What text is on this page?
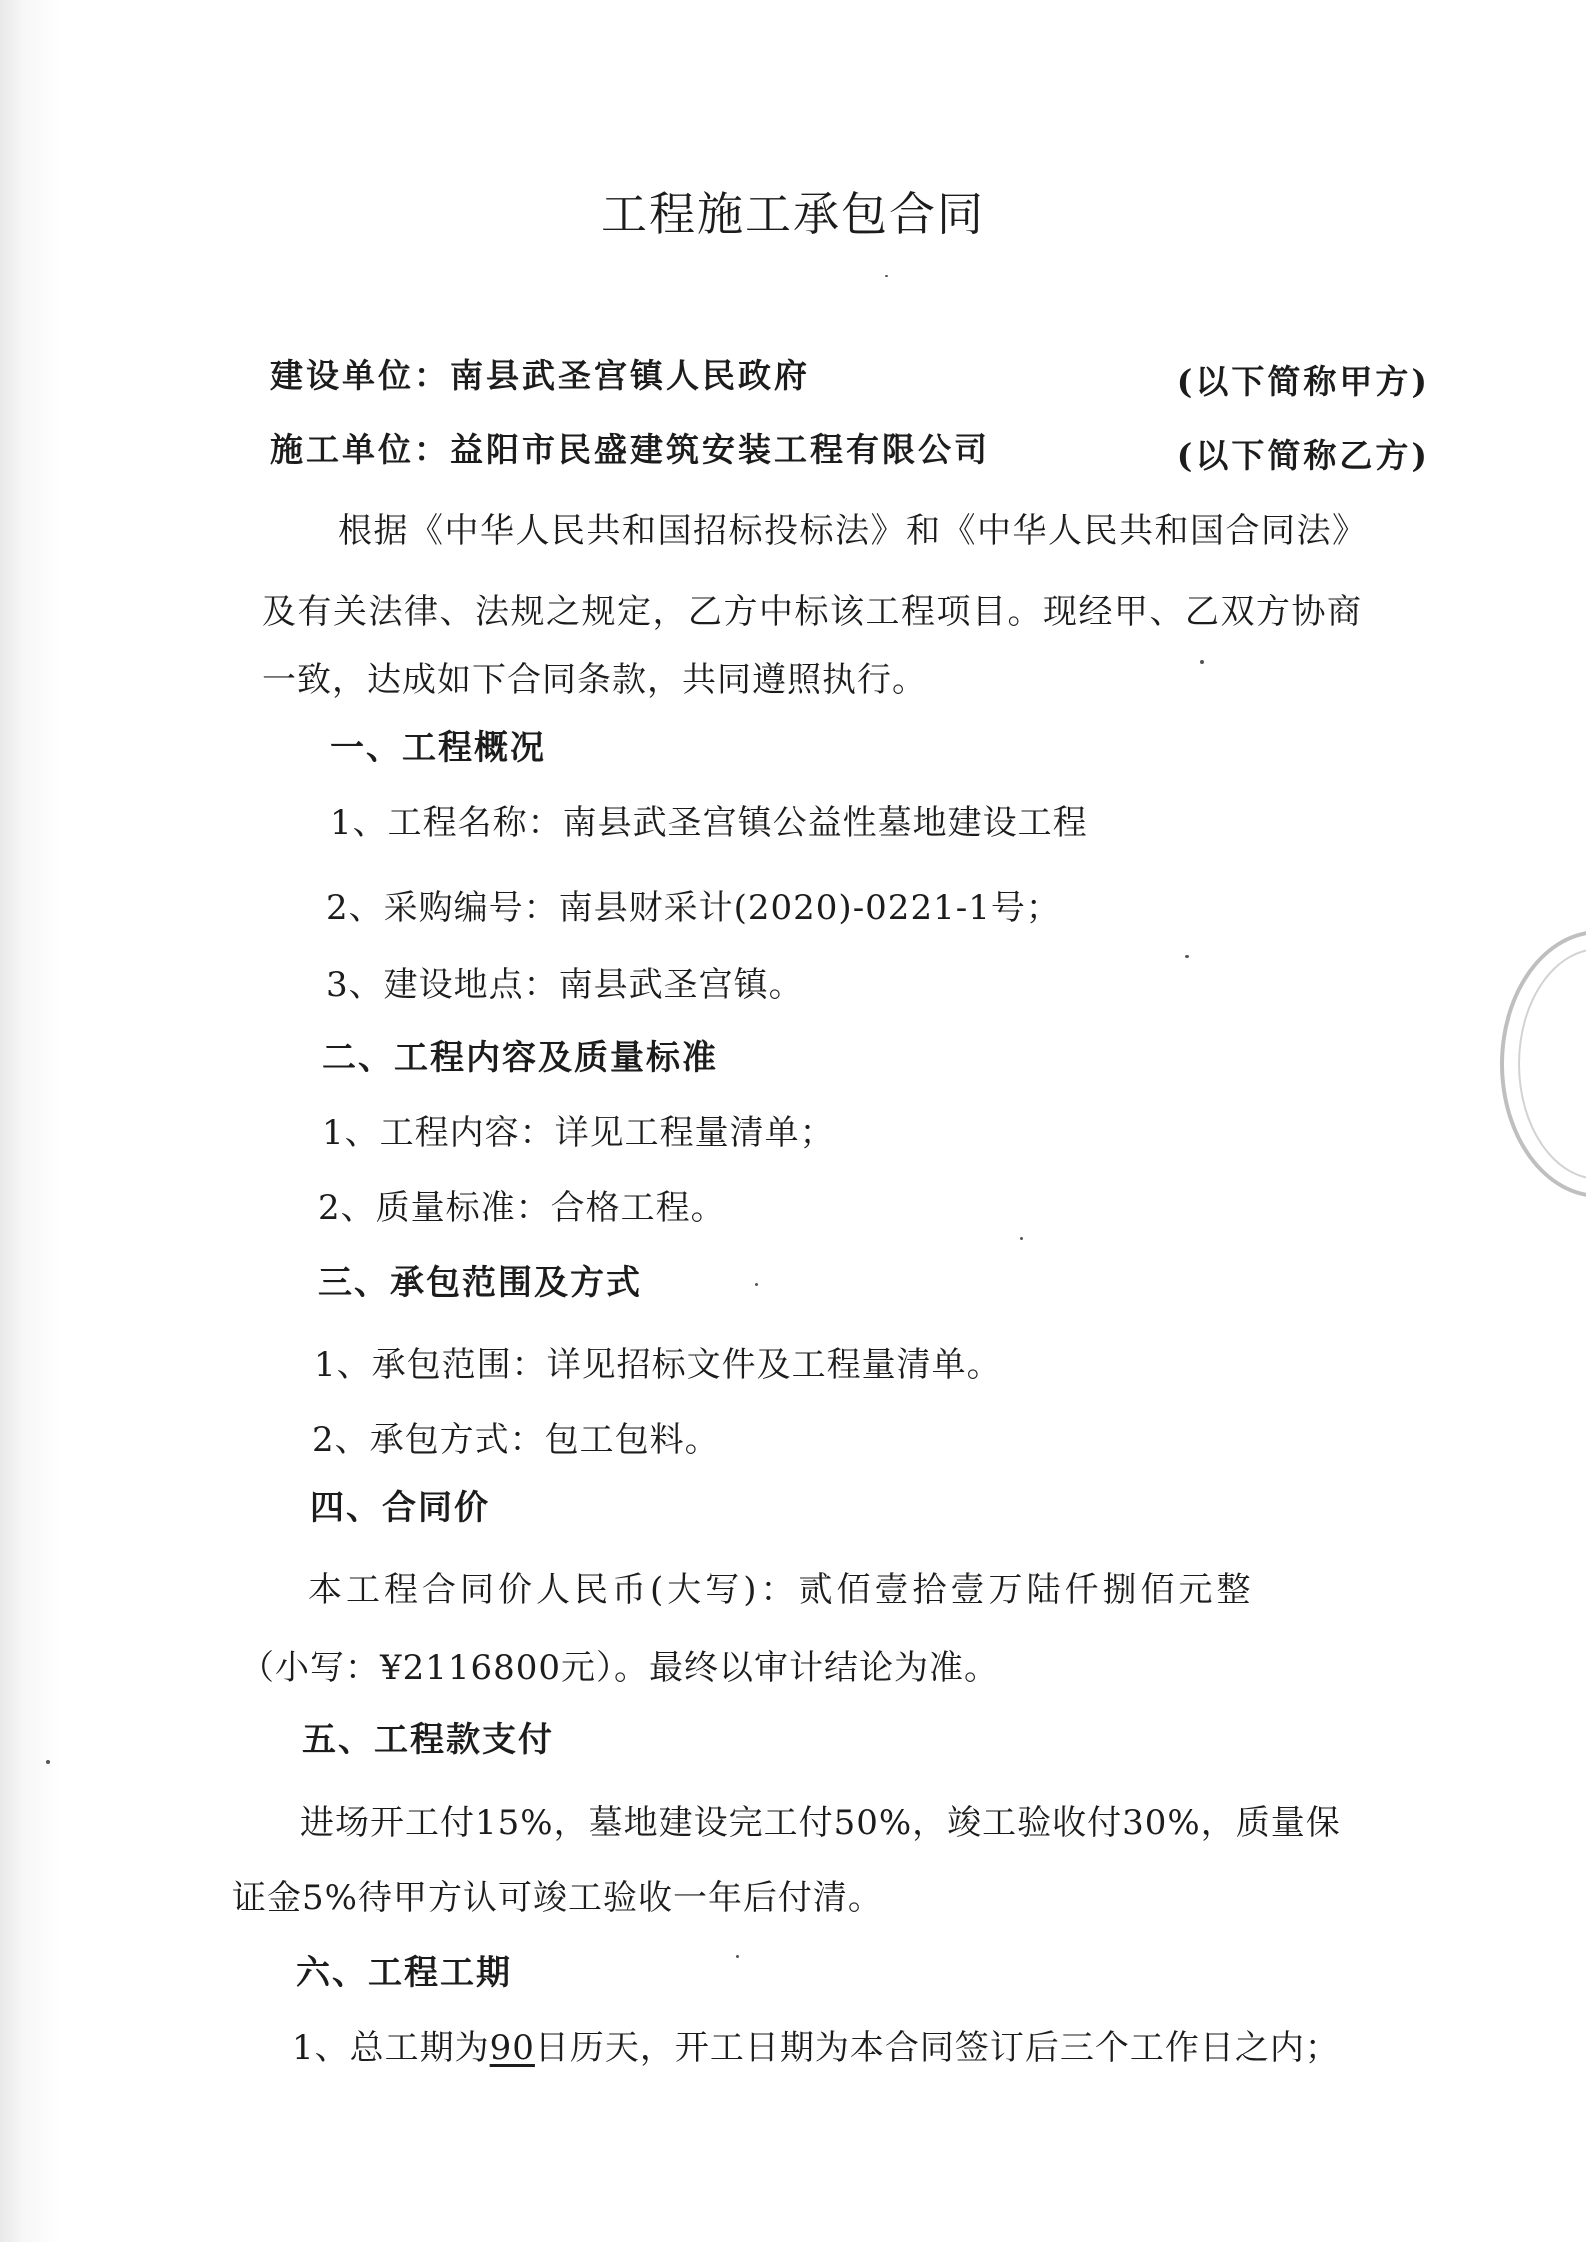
工程施工承包合同
建设单位：南县武圣宫镇人民政府	(以下简称甲方)
施工单位：益阳市民盛建筑安装工程有限公司	(以下简称乙方)
根据《中华人民共和国招标投标法》和《中华人民共和国合同法》
及有关法律、法规之规定，乙方中标该工程项目。现经甲、乙双方协商
一致，达成如下合同条款，共同遵照执行。
一、工程概况
1、工程名称：南县武圣宫镇公益性墓地建设工程
2、采购编号：南县财采计(2020)-0221-1号；
3、建设地点：南县武圣宫镇。
二、工程内容及质量标准
1、工程内容：详见工程量清单；
2、质量标准：合格工程。
三、承包范围及方式
1、承包范围：详见招标文件及工程量清单。
2、承包方式：包工包料。
四、合同价
本工程合同价人民币(大写)：贰佰壹拾壹万陆仟捌佰元整
（小写：¥2116800元）。最终以审计结论为准。
五、工程款支付
进场开工付15%，墓地建设完工付50%，竣工验收付30%，质量保
证金5%待甲方认可竣工验收一年后付清。
六、工程工期
1、总工期为90日历天，开工日期为本合同签订后三个工作日之内；
